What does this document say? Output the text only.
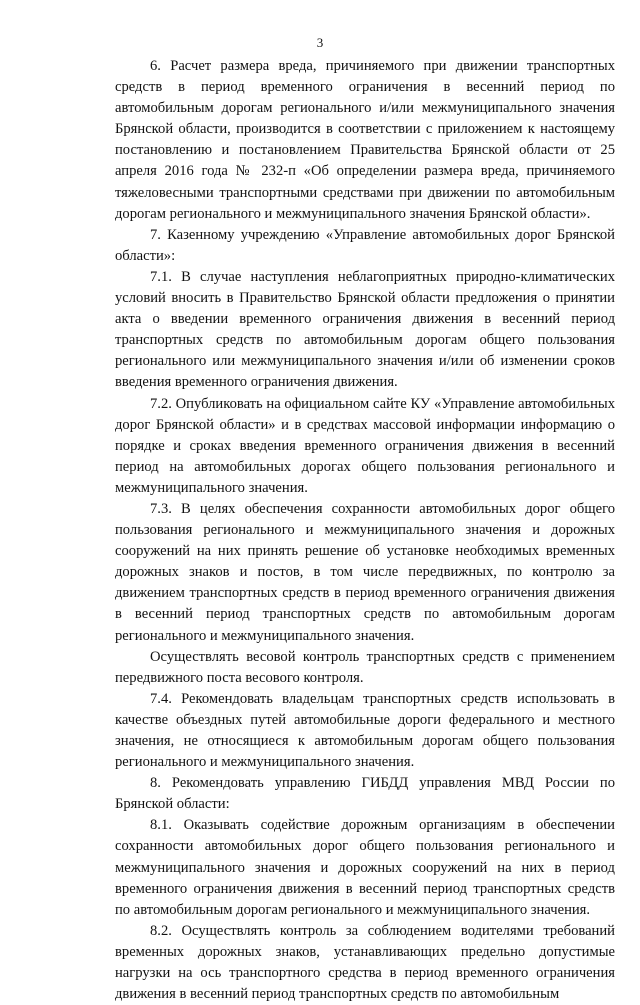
3

6. Расчет размера вреда, причиняемого при движении транспортных средств в период временного ограничения в весенний период по автомобильным дорогам регионального и/или межмуниципального значения Брянской области, производится в соответствии с приложением к настоящему постановлению и постановлением Правительства Брянской области от 25 апреля 2016 года № 232-п «Об определении размера вреда, причиняемого тяжеловесными транспортными средствами при движении по автомобильным дорогам регионального и межмуниципального значения Брянской области».

7. Казенному учреждению «Управление автомобильных дорог Брянской области»:

7.1. В случае наступления неблагоприятных природно-климатических условий вносить в Правительство Брянской области предложения о принятии акта о введении временного ограничения движения в весенний период транспортных средств по автомобильным дорогам общего пользования регионального или межмуниципального значения и/или об изменении сроков введения временного ограничения движения.

7.2. Опубликовать на официальном сайте КУ «Управление автомобильных дорог Брянской области» и в средствах массовой информации информацию о порядке и сроках введения временного ограничения движения в весенний период на автомобильных дорогах общего пользования регионального и межмуниципального значения.

7.3. В целях обеспечения сохранности автомобильных дорог общего пользования регионального и межмуниципального значения и дорожных сооружений на них принять решение об установке необходимых временных дорожных знаков и постов, в том числе передвижных, по контролю за движением транспортных средств в период временного ограничения движения в весенний период транспортных средств по автомобильным дорогам регионального и межмуниципального значения.

Осуществлять весовой контроль транспортных средств с применением передвижного поста весового контроля.

7.4. Рекомендовать владельцам транспортных средств использовать в качестве объездных путей автомобильные дороги федерального и местного значения, не относящиеся к автомобильным дорогам общего пользования регионального и межмуниципального значения.

8. Рекомендовать управлению ГИБДД управления МВД России по Брянской области:

8.1. Оказывать содействие дорожным организациям в обеспечении сохранности автомобильных дорог общего пользования регионального и межмуниципального значения и дорожных сооружений на них в период временного ограничения движения в весенний период транспортных средств по автомобильным дорогам регионального и межмуниципального значения.

8.2. Осуществлять контроль за соблюдением водителями требований временных дорожных знаков, устанавливающих предельно допустимые нагрузки на ось транспортного средства в период временного ограничения движения в весенний период транспортных средств по автомобильным
